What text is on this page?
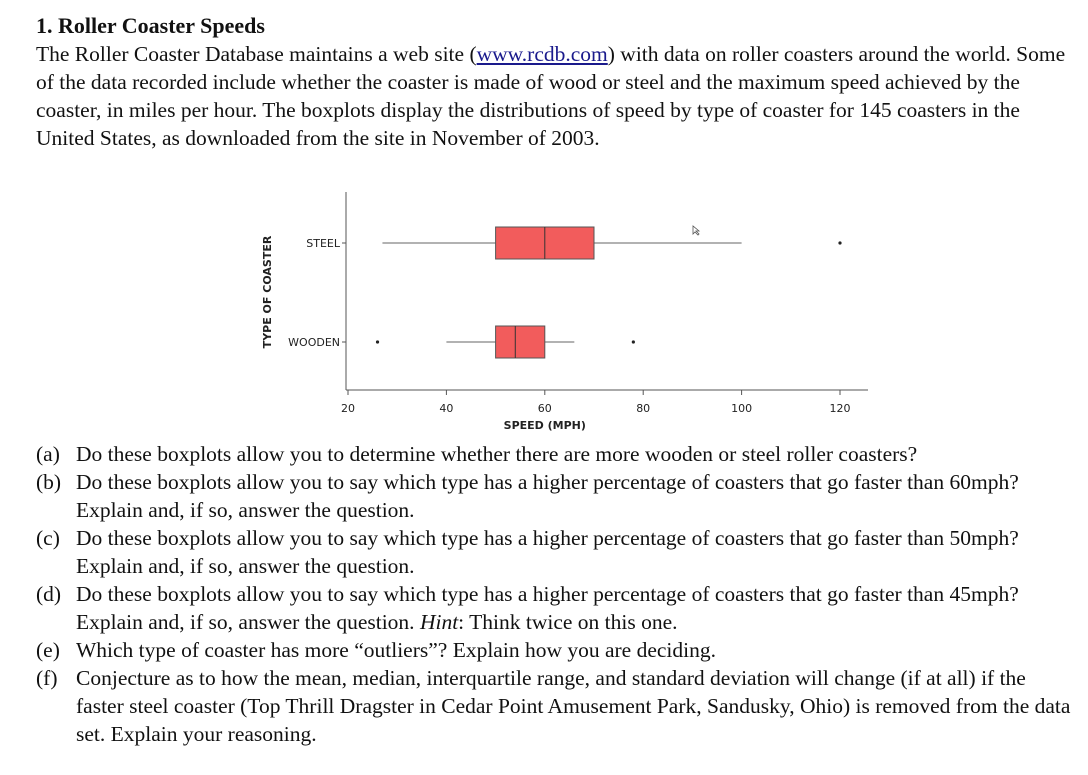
1. Roller Coaster Speeds

The Roller Coaster Database maintains a web site (www.rcdb.com) with data on roller coasters around the world. Some of the data recorded include whether the coaster is made of wood or steel and the maximum speed achieved by the coaster, in miles per hour. The boxplots display the distributions of speed by type of coaster for 145 coasters in the United States, as downloaded from the site in November of 2003.

20	40	60	80	100	120
SPEED (MPH)
TYPE OF COASTER	STEEL
WOODEN
(a) Do these boxplots allow you to determine whether there are more wooden or steel roller coasters?
(b) Do these boxplots allow you to say which type has a higher percentage of coasters that go faster than 60mph? Explain and, if so, answer the question.
(c) Do these boxplots allow you to say which type has a higher percentage of coasters that go faster than 50mph? Explain and, if so, answer the question.
(d) Do these boxplots allow you to say which type has a higher percentage of coasters that go faster than 45mph? Explain and, if so, answer the question. Hint: Think twice on this one.
(e) Which type of coaster has more “outliers”? Explain how you are deciding.
(f) Conjecture as to how the mean, median, interquartile range, and standard deviation will change (if at all) if the faster steel coaster (Top Thrill Dragster in Cedar Point Amusement Park, Sandusky, Ohio) is removed from the data set. Explain your reasoning.
